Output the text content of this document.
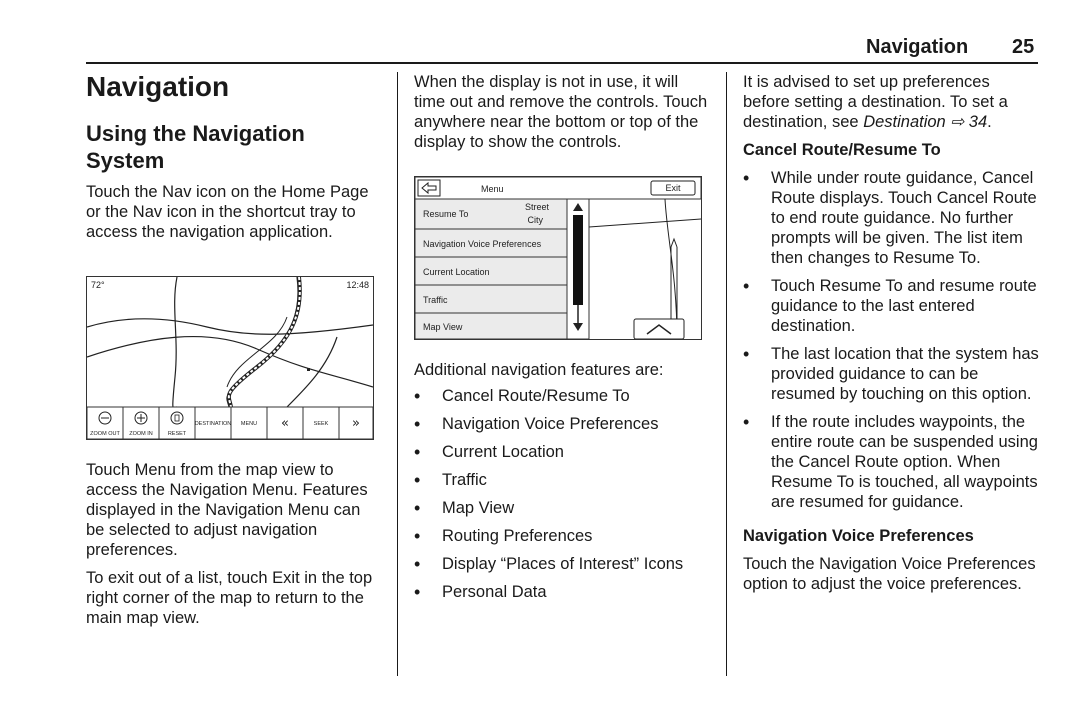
Navigation 25
Navigation
Using the Navigation System

Touch the Nav icon on the Home Page or the Nav icon in the shortcut tray to access the navigation application.

72°	12:48
ZOOM OUT ZOOM IN	RESET
DESTINATION MENU «	SEEK »

Touch Menu from the map view to access the Navigation Menu. Features displayed in the Navigation Menu can be selected to adjust navigation preferences.

To exit out of a list, touch Exit in the top right corner of the map to return to the main map view.

When the display is not in use, it will time out and remove the controls. Touch anywhere near the bottom or top of the display to show the controls.

Menu	Exit
Resume To
Street
City
Navigation Voice Preferences
Current Location
Traffic
Map View

Additional navigation features are:

• Cancel Route/Resume To
• Navigation Voice Preferences
• Current Location
• Traffic
• Map View
• Routing Preferences
• Display “Places of Interest” Icons
• Personal Data

It is advised to set up preferences before setting a destination. To set a destination, see Destination ⇨ 34.

Cancel Route/Resume To
• While under route guidance, Cancel Route displays. Touch Cancel Route to end route guidance. No further prompts will be given. The list item then changes to Resume To.
• Touch Resume To and resume route guidance to the last entered destination.
• The last location that the system has provided guidance to can be resumed by touching on this option.
• If the route includes waypoints, the entire route can be suspended using the Cancel Route option. When Resume To is touched, all waypoints are resumed for guidance.
Navigation Voice Preferences

Touch the Navigation Voice Preferences option to adjust the voice preferences.
